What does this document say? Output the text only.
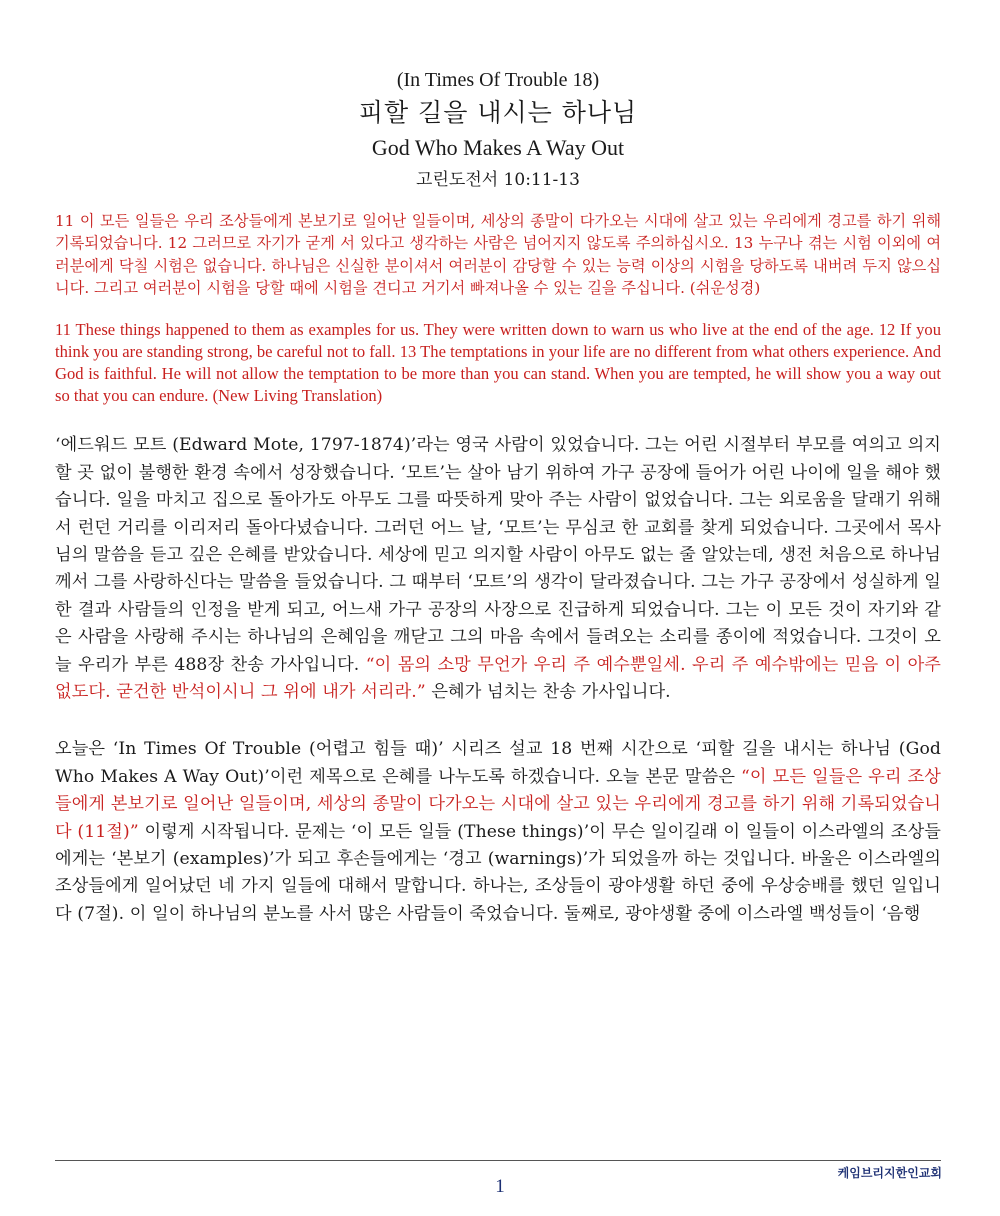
(In Times Of Trouble 18)
피할 길을 내시는 하나님
God Who Makes A Way Out
고린도전서 10:11-13
11 이 모든 일들은 우리 조상들에게 본보기로 일어난 일들이며, 세상의 종말이 다가오는 시대에 살고 있는 우리에게 경고를 하기 위해 기록되었습니다. 12 그러므로 자기가 굳게 서 있다고 생각하는 사람은 넘어지지 않도록 주의하십시오. 13 누구나 겪는 시험 이외에 여러분에게 닥칠 시험은 없습니다. 하나님은 신실한 분이셔서 여러분이 감당할 수 있는 능력 이상의 시험을 당하도록 내버려 두지 않으십니다. 그리고 여러분이 시험을 당할 때에 시험을 견디고 거기서 빠져나올 수 있는 길을 주십니다. (쉬운성경)
11 These things happened to them as examples for us. They were written down to warn us who live at the end of the age. 12 If you think you are standing strong, be careful not to fall. 13 The temptations in your life are no different from what others experience. And God is faithful. He will not allow the temptation to be more than you can stand. When you are tempted, he will show you a way out so that you can endure. (New Living Translation)
‘에드워드 모트 (Edward Mote, 1797-1874)’라는 영국 사람이 있었습니다. 그는 어린 시절부터 부모를 여의고 의지할 곳 없이 불행한 환경 속에서 성장했습니다. ‘모트’는 살아 남기 위하여 가구 공장에 들어가 어린 나이에 일을 해야 했습니다. 일을 마치고 집으로 돌아가도 아무도 그를 따뜻하게 맞아 주는 사람이 없었습니다. 그는 외로움을 달래기 위해서 런던 거리를 이리저리 돌아다녔습니다. 그러던 어느 날, ‘모트’는 무심코 한 교회를 찾게 되었습니다. 그곳에서 목사님의 말씀을 듣고 깊은 은혜를 받았습니다. 세상에 믿고 의지할 사람이 아무도 없는 줄 알았는데, 생전 처음으로 하나님께서 그를 사랑하신다는 말씀을 들었습니다. 그 때부터 ‘모트’의 생각이 달라졌습니다. 그는 가구 공장에서 성실하게 일한 결과 사람들의 인정을 받게 되고, 어느새 가구 공장의 사장으로 진급하게 되었습니다. 그는 이 모든 것이 자기와 같은 사람을 사랑해 주시는 하나님의 은혜임을 깨닫고 그의 마음 속에서 들려오는 소리를 종이에 적었습니다. 그것이 오늘 우리가 부른 488장 찬송 가사입니다. “이 몸의 소망 무언가 우리 주 예수뿐일세. 우리 주 예수밖에는 믿음 이 아주 없도다. 굳건한 반석이시니 그 위에 내가 서리라.” 은혜가 넘치는 찬송 가사입니다.
오늘은 ‘In Times Of Trouble (어렵고 힘들 때)’ 시리즈 설교 18 번째 시간으로 ‘피할 길을 내시는 하나님 (God Who Makes A Way Out)’이런 제목으로 은혜를 나누도록 하겠습니다. 오늘 본문 말씀은 “이 모든 일들은 우리 조상들에게 본보기로 일어난 일들이며, 세상의 종말이 다가오는 시대에 살고 있는 우리에게 경고를 하기 위해 기록되었습니다 (11절)” 이렇게 시작됩니다. 문제는 ‘이 모든 일들 (These things)’이 무슨 일이길래 이 일들이 이스라엘의 조상들에게는 ‘본보기 (examples)’가 되고 후손들에게는 ‘경고 (warnings)’가 되었을까 하는 것입니다. 바울은 이스라엘의 조상들에게 일어났던 네 가지 일들에 대해서 말합니다. 하나는, 조상들이 광야생활 하던 중에 우상숭배를 했던 일입니다 (7절). 이 일이 하나님의 분노를 사서 많은 사람들이 죽었습니다. 둘째로, 광야생활 중에 이스라엘 백성들이 ‘음행
1
케임브리지한인교회
